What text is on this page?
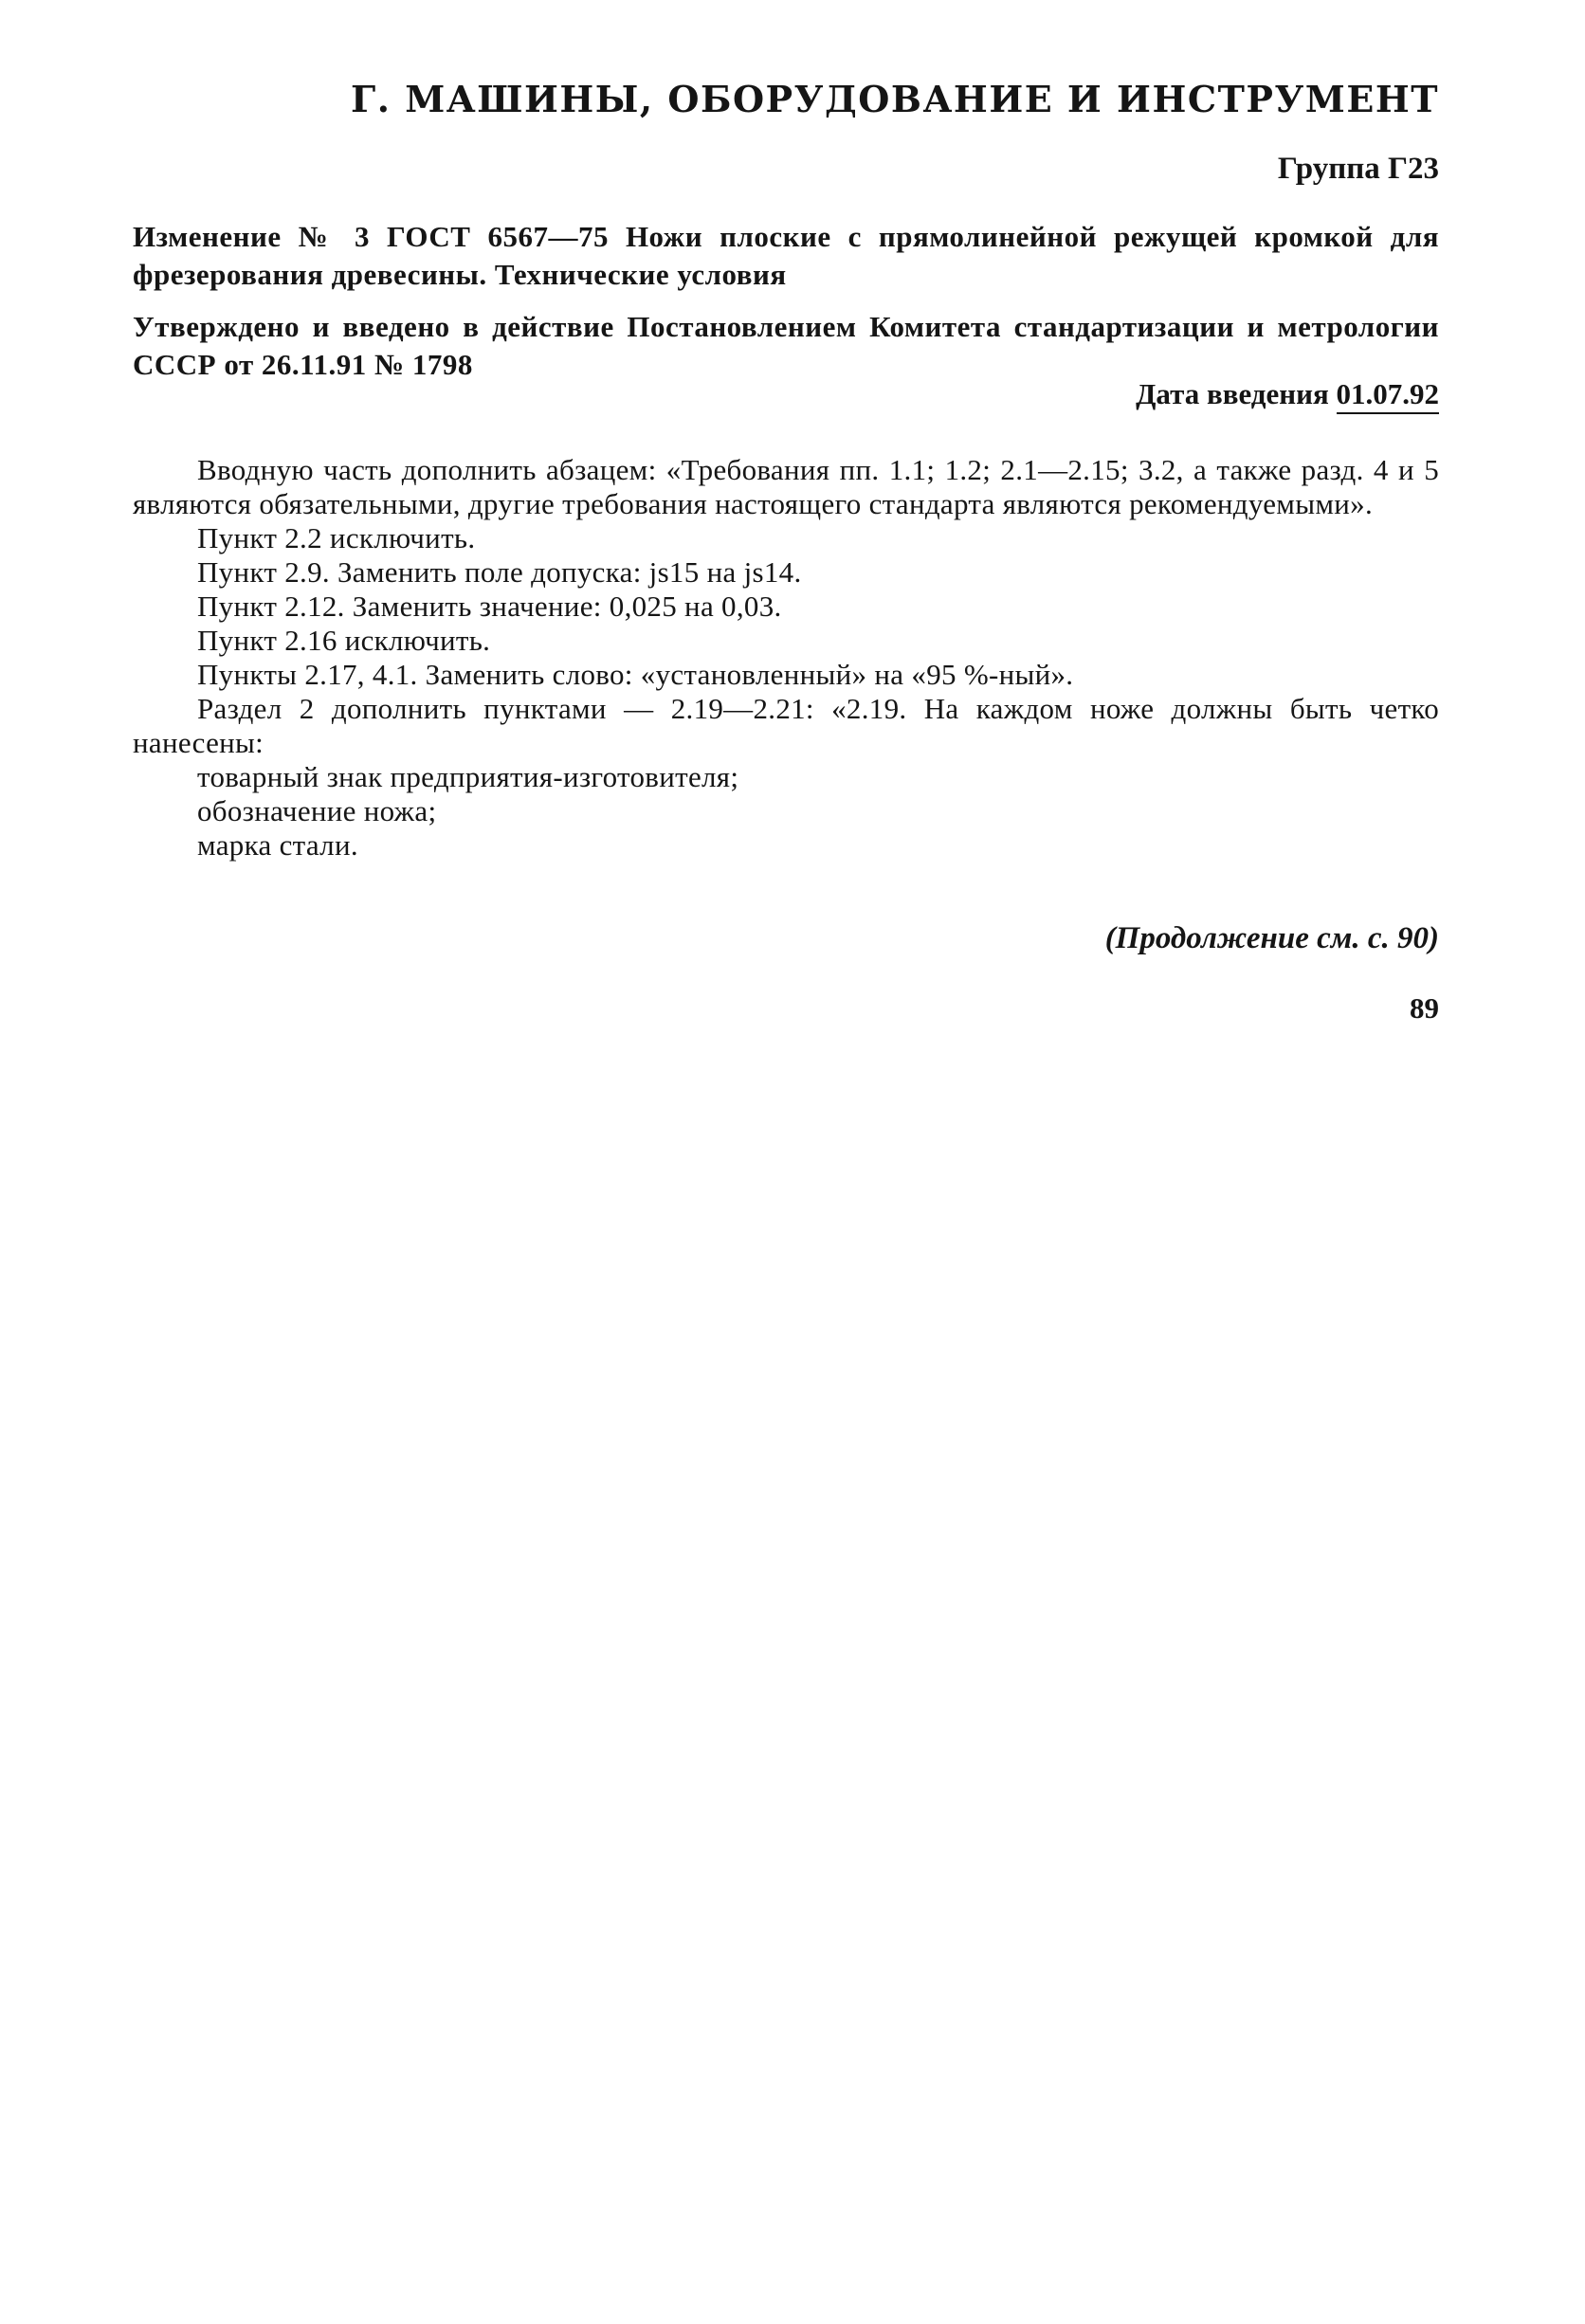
Г. МАШИНЫ, ОБОРУДОВАНИЕ И ИНСТРУМЕНТ
Группа Г23
Изменение № 3 ГОСТ 6567—75 Ножи плоские с прямолинейной режущей кромкой для фрезерования древесины. Технические условия
Утверждено и введено в действие Постановлением Комитета стандартизации и метрологии СССР от 26.11.91 № 1798
Дата введения 01.07.92

Вводную часть дополнить абзацем: «Требования пп. 1.1; 1.2; 2.1—2.15; 3.2, а также разд. 4 и 5 являются обязательными, другие требования настоящего стандарта являются рекомендуемыми».

Пункт 2.2 исключить.

Пункт 2.9. Заменить поле допуска: js15 на js14.

Пункт 2.12. Заменить значение: 0,025 на 0,03.

Пункт 2.16 исключить.

Пункты 2.17, 4.1. Заменить слово: «установленный» на «95 %-ный».

Раздел 2 дополнить пунктами — 2.19—2.21: «2.19. На каждом ноже должны быть четко нанесены:

товарный знак предприятия-изготовителя;

обозначение ножа;

марка стали.

(Продолжение см. с. 90)
89
